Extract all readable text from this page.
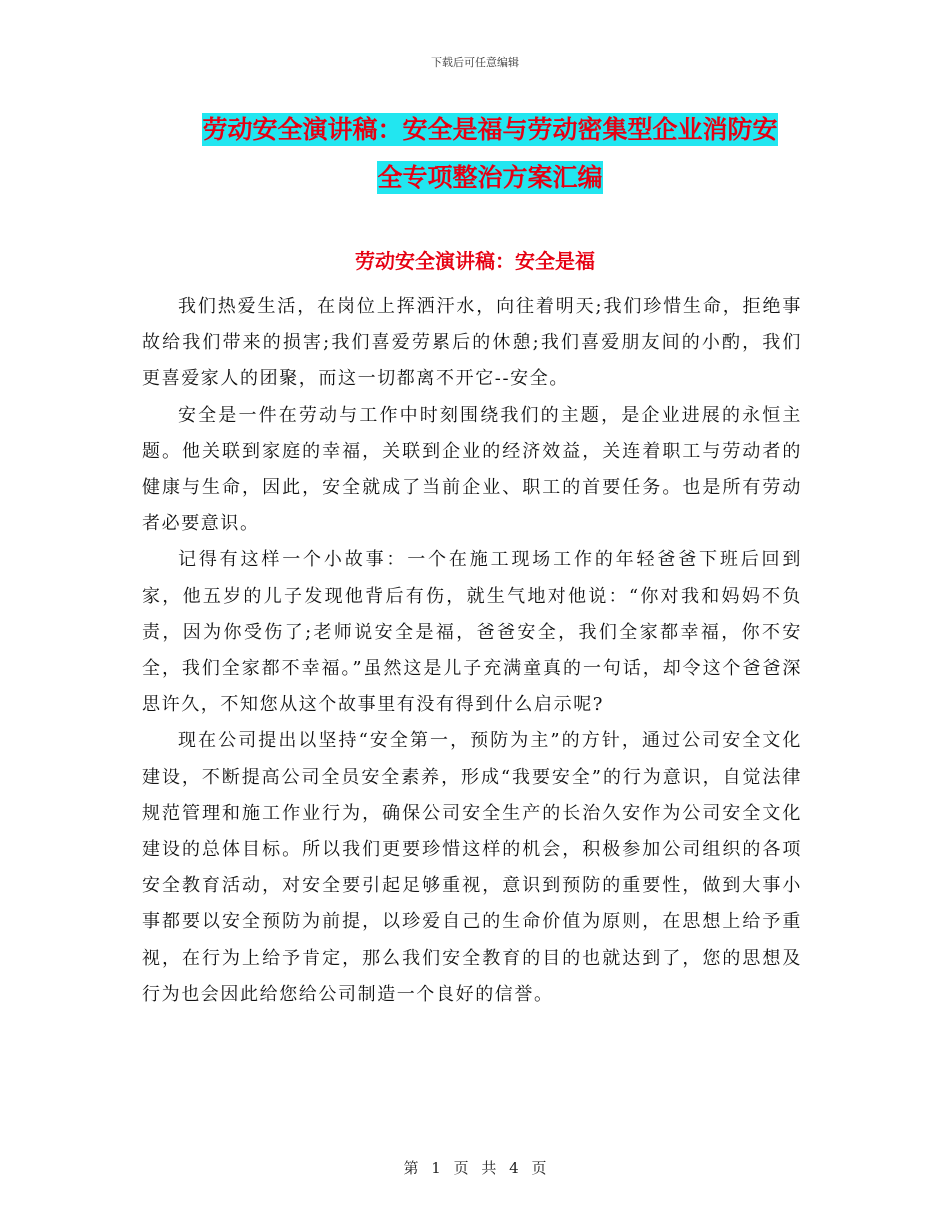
下载后可任意编辑
劳动安全演讲稿：安全是福与劳动密集型企业消防安
全专项整治方案汇编
劳动安全演讲稿：安全是福

我们热爱生活，在岗位上挥洒汗水，向往着明天;我们珍惜生命，拒绝事故给我们带来的损害;我们喜爱劳累后的休憩;我们喜爱朋友间的小酌，我们更喜爱家人的团聚，而这一切都离不开它--安全。

安全是一件在劳动与工作中时刻围绕我们的主题，是企业进展的永恒主题。他关联到家庭的幸福，关联到企业的经济效益，关连着职工与劳动者的健康与生命，因此，安全就成了当前企业、职工的首要任务。也是所有劳动者必要意识。

记得有这样一个小故事：一个在施工现场工作的年轻爸爸下班后回到家，他五岁的儿子发现他背后有伤，就生气地对他说：“你对我和妈妈不负责，因为你受伤了;老师说安全是福，爸爸安全，我们全家都幸福，你不安全，我们全家都不幸福。”虽然这是儿子充满童真的一句话，却令这个爸爸深思许久，不知您从这个故事里有没有得到什么启示呢?

现在公司提出以坚持“安全第一，预防为主”的方针，通过公司安全文化建设，不断提高公司全员安全素养，形成“我要安全”的行为意识，自觉法律规范管理和施工作业行为，确保公司安全生产的长治久安作为公司安全文化建设的总体目标。所以我们更要珍惜这样的机会，积极参加公司组织的各项安全教育活动，对安全要引起足够重视，意识到预防的重要性，做到大事小事都要以安全预防为前提，以珍爱自己的生命价值为原则，在思想上给予重视，在行为上给予肯定，那么我们安全教育的目的也就达到了，您的思想及行为也会因此给您给公司制造一个良好的信誉。

第 1 页 共 4 页
